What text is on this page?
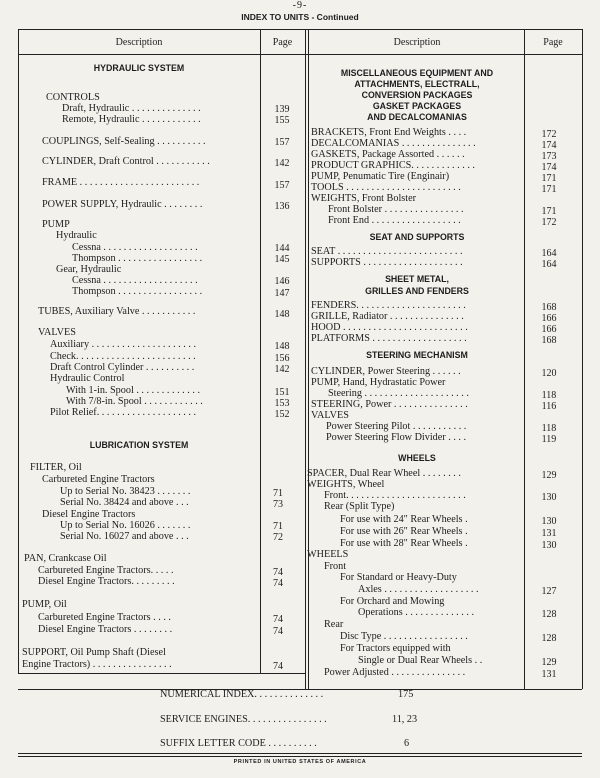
-9-
INDEX TO UNITS - Continued
Description	Page	Description	Page
HYDRAULIC SYSTEM
CONTROLS
Draft, Hydraulic . . . . . . . . . . . . . .	139
Remote, Hydraulic . . . . . . . . . . . .	155
COUPLINGS, Self-Sealing . . . . . . . . . .	157
CYLINDER, Draft Control . . . . . . . . . . .	142
FRAME . . . . . . . . . . . . . . . . . . . . . . . .	157
POWER SUPPLY, Hydraulic . . . . . . . .	136
PUMP
Hydraulic
Cessna . . . . . . . . . . . . . . . . . . .	144
Thompson . . . . . . . . . . . . . . . . .	145
Gear, Hydraulic
Cessna . . . . . . . . . . . . . . . . . . .	146
Thompson . . . . . . . . . . . . . . . . .	147
TUBES, Auxiliary Valve . . . . . . . . . . .	148
VALVES
Auxiliary . . . . . . . . . . . . . . . . . . . . .	148
Check. . . . . . . . . . . . . . . . . . . . . . . .	156
Draft Control Cylinder . . . . . . . . . .	142
Hydraulic Control
With 1-in. Spool . . . . . . . . . . . . .	151
With 7/8-in. Spool . . . . . . . . . . . .	153
Pilot Relief. . . . . . . . . . . . . . . . . . . .	152
LUBRICATION SYSTEM
FILTER, Oil
Carbureted Engine Tractors
Up to Serial No. 38423 . . . . . . .	71
Serial No. 38424 and above . . .	73
Diesel Engine Tractors
Up to Serial No. 16026 . . . . . . .	71
Serial No. 16027 and above . . .	72
PAN, Crankcase Oil
Carbureted Engine Tractors. . . . .	74
Diesel Engine Tractors. . . . . . . . .	74
PUMP, Oil
Carbureted Engine Tractors . . . .	74
Diesel Engine Tractors . . . . . . . .	74
SUPPORT, Oil Pump Shaft (Diesel
Engine Tractors) . . . . . . . . . . . . . . . .	74
MISCELLANEOUS EQUIPMENT AND
ATTACHMENTS, ELECTRALL,
CONVERSION PACKAGES
GASKET PACKAGES
AND DECALCOMANIAS
BRACKETS, Front End Weights . . . .	172
DECALCOMANIAS . . . . . . . . . . . . . . .	174
GASKETS, Package Assorted . . . . . .	173
PRODUCT GRAPHICS. . . . . . . . . . . . .	174
PUMP, Penumatic Tire (Enginair)	171
TOOLS . . . . . . . . . . . . . . . . . . . . . . .	171
WEIGHTS, Front Bolster
Front Bolster . . . . . . . . . . . . . . . .	171
Front End . . . . . . . . . . . . . . . . . .	172
SEAT AND SUPPORTS
SEAT . . . . . . . . . . . . . . . . . . . . . . . . .	164
SUPPORTS . . . . . . . . . . . . . . . . . . . .	164
SHEET METAL,
GRILLES AND FENDERS
FENDERS. . . . . . . . . . . . . . . . . . . . . .	168
GRILLE, Radiator . . . . . . . . . . . . . . .	166
HOOD . . . . . . . . . . . . . . . . . . . . . . . . .	166
PLATFORMS . . . . . . . . . . . . . . . . . . .	168
STEERING MECHANISM
CYLINDER, Power Steering . . . . . .	120
PUMP, Hand, Hydrastatic Power
Steering . . . . . . . . . . . . . . . . . . . . .	118
STEERING, Power . . . . . . . . . . . . . . .	116
VALVES
Power Steering Pilot . . . . . . . . . . .	118
Power Steering Flow Divider . . . .	119
WHEELS
SPACER, Dual Rear Wheel . . . . . . . .	129
WEIGHTS, Wheel
Front. . . . . . . . . . . . . . . . . . . . . . . .	130
Rear (Split Type)
For use with 24" Rear Wheels .	130
For use with 26" Rear Wheels .	131
For use with 28" Rear Wheels .	130
WHEELS
Front
For Standard or Heavy-Duty
Axles . . . . . . . . . . . . . . . . . . .	127
For Orchard and Mowing
Operations . . . . . . . . . . . . . .	128
Rear
Disc Type . . . . . . . . . . . . . . . . .	128
For Tractors equipped with
Single or Dual Rear Wheels . .	129
Power Adjusted . . . . . . . . . . . . . . .	131
NUMERICAL INDEX. . . . . . . . . . . . . .	175
SERVICE ENGINES. . . . . . . . . . . . . . . .	11, 23
SUFFIX LETTER CODE . . . . . . . . . .	6
PRINTED IN UNITED STATES OF AMERICA
